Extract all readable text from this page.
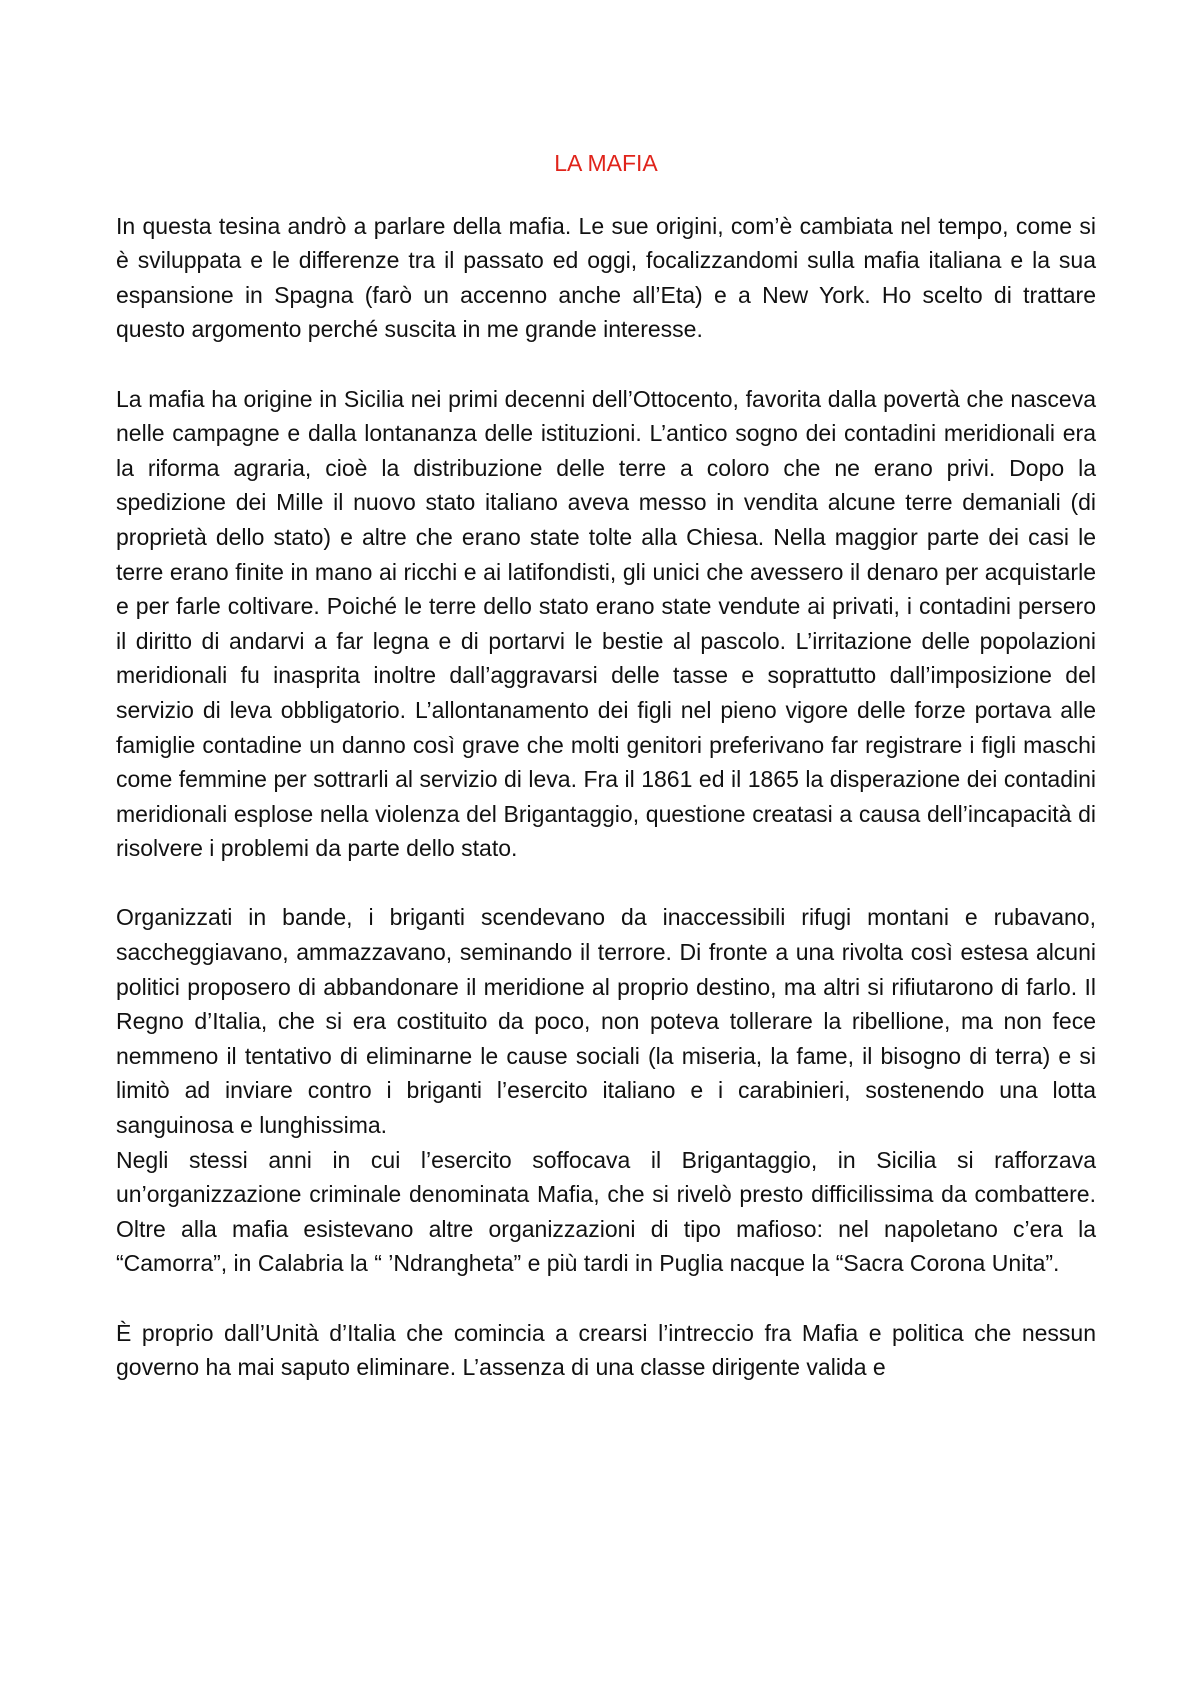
LA MAFIA

In questa tesina andrò a parlare della mafia. Le sue origini, com’è cambiata nel tempo, come si è sviluppata e le differenze tra il passato ed oggi, focalizzandomi sulla mafia italiana e la sua espansione in Spagna (farò un accenno anche all’Eta) e a New York. Ho scelto di trattare questo argomento perché suscita in me grande interesse.

La mafia ha origine in Sicilia nei primi decenni dell’Ottocento, favorita dalla povertà che nasceva nelle campagne e dalla lontananza delle istituzioni. L’antico sogno dei contadini meridionali era la riforma agraria, cioè la distribuzione delle terre a coloro che ne erano privi. Dopo la spedizione dei Mille il nuovo stato italiano aveva messo in vendita alcune terre demaniali (di proprietà dello stato) e altre che erano state tolte alla Chiesa. Nella maggior parte dei casi le terre erano finite in mano ai ricchi e ai latifondisti, gli unici che avessero il denaro per acquistarle e per farle coltivare. Poiché le terre dello stato erano state vendute ai privati, i contadini persero il diritto di andarvi a far legna e di portarvi le bestie al pascolo. L’irritazione delle popolazioni meridionali fu inasprita inoltre dall’aggravarsi delle tasse e soprattutto dall’imposizione del servizio di leva obbligatorio. L’allontanamento dei figli nel pieno vigore delle forze portava alle famiglie contadine un danno così grave che molti genitori preferivano far registrare i figli maschi come femmine per sottrarli al servizio di leva. Fra il 1861 ed il 1865 la disperazione dei contadini meridionali esplose nella violenza del Brigantaggio, questione creatasi a causa dell’incapacità di risolvere i problemi da parte dello stato.

Organizzati in bande, i briganti scendevano da inaccessibili rifugi montani e rubavano, saccheggiavano, ammazzavano, seminando il terrore. Di fronte a una rivolta così estesa alcuni politici proposero di abbandonare il meridione al proprio destino, ma altri si rifiutarono di farlo. Il Regno d’Italia, che si era costituito da poco, non poteva tollerare la ribellione, ma non fece nemmeno il tentativo di eliminarne le cause sociali (la miseria, la fame, il bisogno di terra) e si limitò ad inviare contro i briganti l’esercito italiano e i carabinieri, sostenendo una lotta sanguinosa e lunghissima.

Negli stessi anni in cui l’esercito soffocava il Brigantaggio, in Sicilia si rafforzava un’organizzazione criminale denominata Mafia, che si rivelò presto difficilissima da combattere. Oltre alla mafia esistevano altre organizzazioni di tipo mafioso: nel napoletano c’era la “Camorra”, in Calabria la “ ’Ndrangheta” e più tardi in Puglia nacque la “Sacra Corona Unita”.

È proprio dall’Unità d’Italia che comincia a crearsi l’intreccio fra Mafia e politica che nessun governo ha mai saputo eliminare. L’assenza di una classe dirigente valida e
